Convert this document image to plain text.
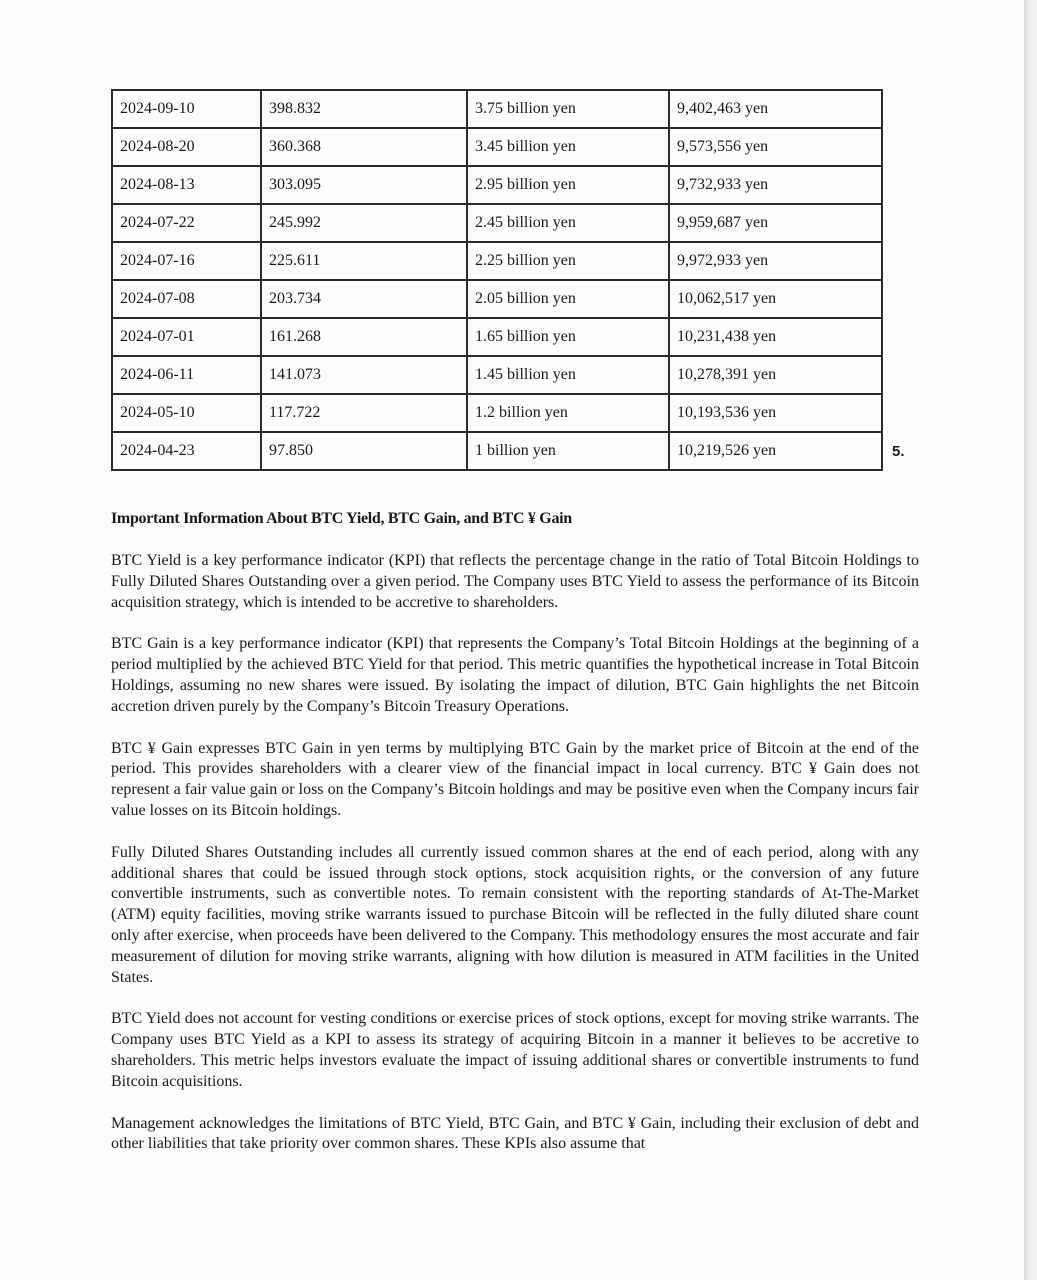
2024-09-10	398.832	3.75 billion yen	9,402,463 yen
2024-08-20	360.368	3.45 billion yen	9,573,556 yen
2024-08-13	303.095	2.95 billion yen	9,732,933 yen
2024-07-22	245.992	2.45 billion yen	9,959,687 yen
2024-07-16	225.611	2.25 billion yen	9,972,933 yen
2024-07-08	203.734	2.05 billion yen	10,062,517 yen
2024-07-01	161.268	1.65 billion yen	10,231,438 yen
2024-06-11	141.073	1.45 billion yen	10,278,391 yen
2024-05-10	117.722	1.2 billion yen	10,193,536 yen
2024-04-23	97.850	1 billion yen	10,219,526 yen	5.
Important Information About BTC Yield, BTC Gain, and BTC ¥ Gain

BTC Yield is a key performance indicator (KPI) that reflects the percentage change in the ratio of Total Bitcoin Holdings to Fully Diluted Shares Outstanding over a given period. The Company uses BTC Yield to assess the performance of its Bitcoin acquisition strategy, which is intended to be accretive to shareholders.

BTC Gain is a key performance indicator (KPI) that represents the Company’s Total Bitcoin Holdings at the beginning of a period multiplied by the achieved BTC Yield for that period. This metric quantifies the hypothetical increase in Total Bitcoin Holdings, assuming no new shares were issued. By isolating the impact of dilution, BTC Gain highlights the net Bitcoin accretion driven purely by the Company’s Bitcoin Treasury Operations.

BTC ¥ Gain expresses BTC Gain in yen terms by multiplying BTC Gain by the market price of Bitcoin at the end of the period. This provides shareholders with a clearer view of the financial impact in local currency. BTC ¥ Gain does not represent a fair value gain or loss on the Company’s Bitcoin holdings and may be positive even when the Company incurs fair value losses on its Bitcoin holdings.

Fully Diluted Shares Outstanding includes all currently issued common shares at the end of each period, along with any additional shares that could be issued through stock options, stock acquisition rights, or the conversion of any future convertible instruments, such as convertible notes. To remain consistent with the reporting standards of At-The-Market (ATM) equity facilities, moving strike warrants issued to purchase Bitcoin will be reflected in the fully diluted share count only after exercise, when proceeds have been delivered to the Company. This methodology ensures the most accurate and fair measurement of dilution for moving strike warrants, aligning with how dilution is measured in ATM facilities in the United States.

BTC Yield does not account for vesting conditions or exercise prices of stock options, except for moving strike warrants. The Company uses BTC Yield as a KPI to assess its strategy of acquiring Bitcoin in a manner it believes to be accretive to shareholders. This metric helps investors evaluate the impact of issuing additional shares or convertible instruments to fund Bitcoin acquisitions.

Management acknowledges the limitations of BTC Yield, BTC Gain, and BTC ¥ Gain, including their exclusion of debt and other liabilities that take priority over common shares. These KPIs also assume that
